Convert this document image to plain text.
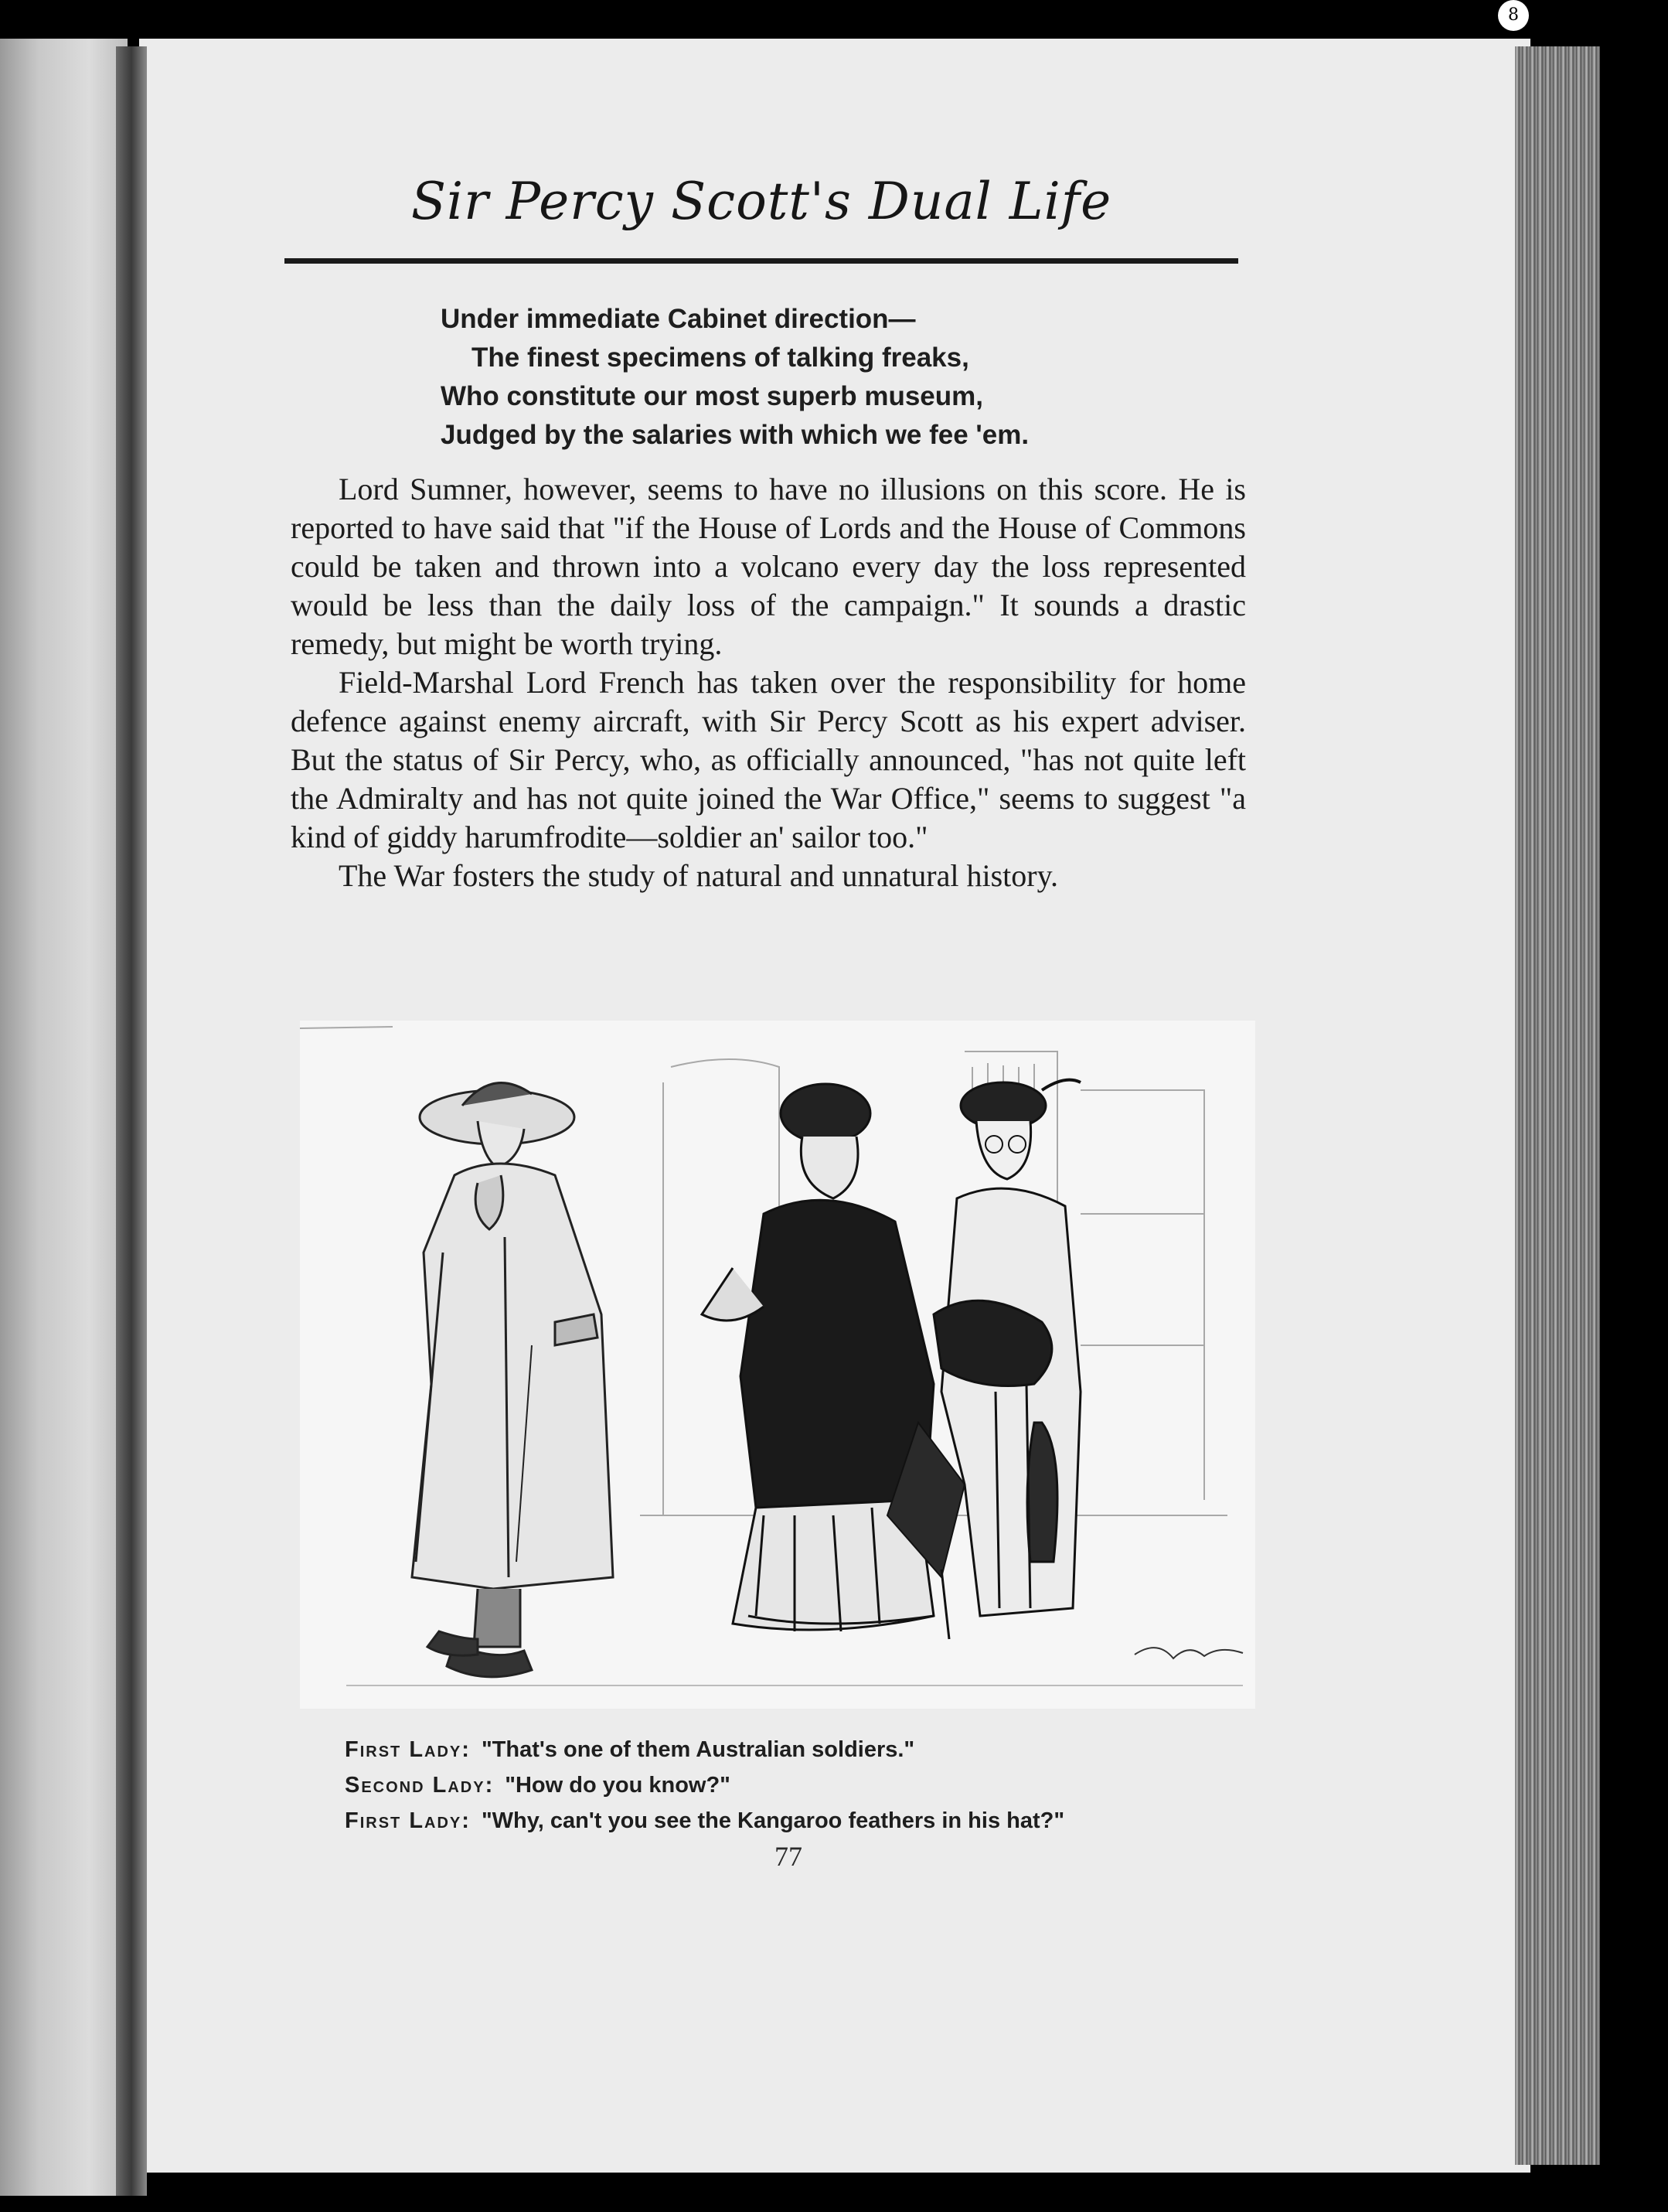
8
Sir Percy Scott's Dual Life
Under immediate Cabinet direction—
The finest specimens of talking freaks,
Who constitute our most superb museum,
Judged by the salaries with which we fee 'em.

Lord Sumner, however, seems to have no illusions on this score. He is reported to have said that "if the House of Lords and the House of Commons could be taken and thrown into a volcano every day the loss represented would be less than the daily loss of the campaign." It sounds a drastic remedy, but might be worth trying.

Field-Marshal Lord French has taken over the responsibility for home defence against enemy aircraft, with Sir Percy Scott as his expert adviser. But the status of Sir Percy, who, as officially announced, "has not quite left the Admiralty and has not quite joined the War Office," seems to suggest "a kind of giddy harumfrodite—soldier an' sailor too."

The War fosters the study of natural and unnatural history.

First Lady: "That's one of them Australian soldiers."
Second Lady: "How do you know?"
First Lady: "Why, can't you see the Kangaroo feathers in his hat?"
77
